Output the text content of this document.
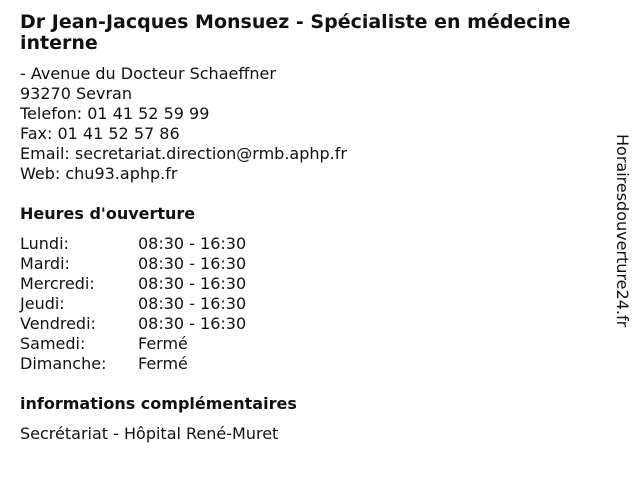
Dr Jean-Jacques Monsuez - Spécialiste en médecine interne
- Avenue du Docteur Schaeffner
93270 Sevran
Telefon: 01 41 52 59 99
Fax: 01 41 52 57 86
Email: secretariat.direction@rmb.aphp.fr
Web: chu93.aphp.fr
Heures d'ouverture
Lundi:	08:30 - 16:30
Mardi:	08:30 - 16:30
Mercredi:	08:30 - 16:30
Jeudi:	08:30 - 16:30
Vendredi:	08:30 - 16:30
Samedi:	Fermé
Dimanche:	Fermé
informations complémentaires
Secrétariat - Hôpital René-Muret
Horairesdouverture24.fr
